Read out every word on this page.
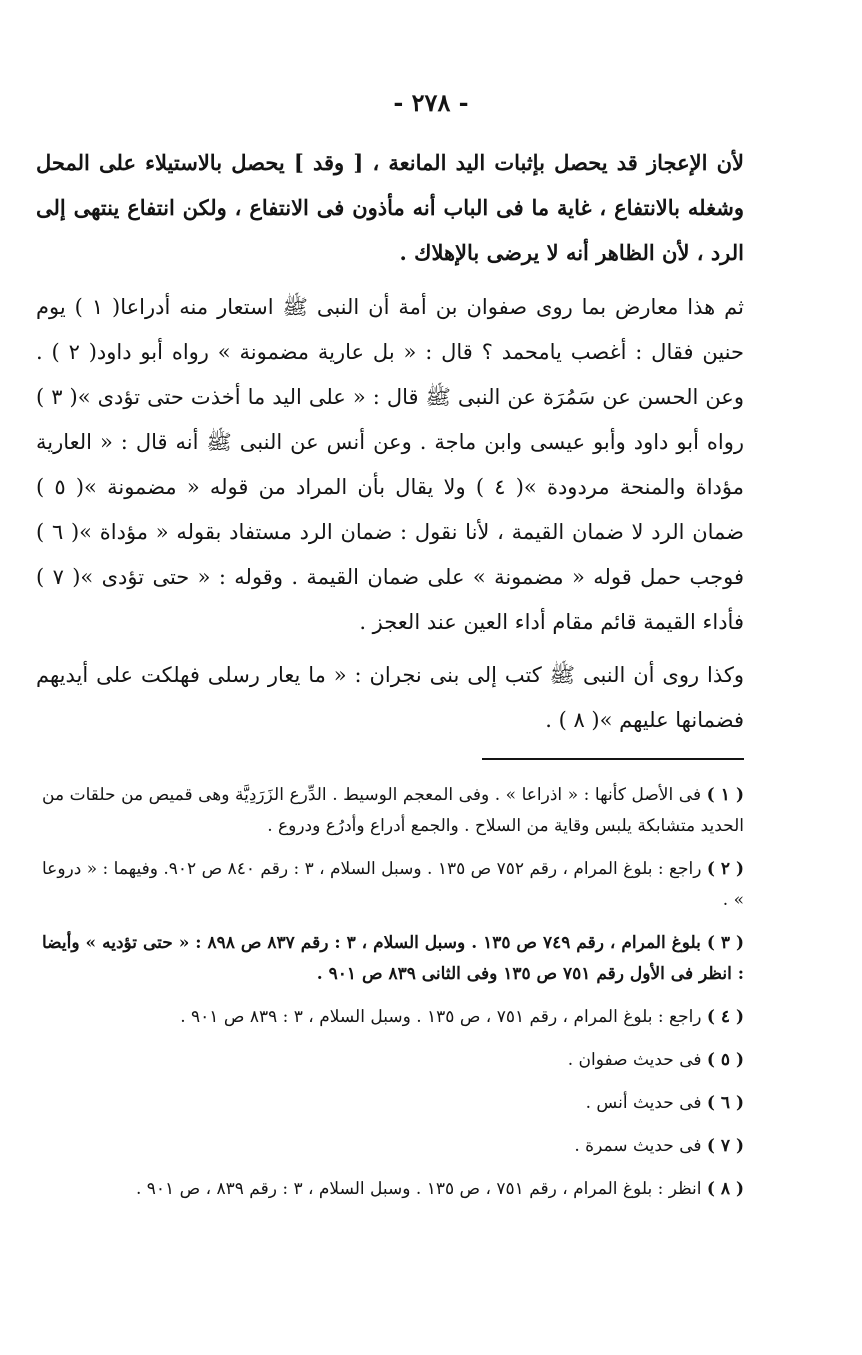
- ٢٧٨ -

لأن الإعجاز قد يحصل بإثبات اليد المانعة ، [ وقد ] يحصل بالاستيلاء على المحل وشغله بالانتفاع ، غاية ما فى الباب أنه مأذون فى الانتفاع ، ولكن انتفاع ينتهى إلى الرد ، لأن الظاهر أنه لا يرضى بالإهلاك .

ثم هذا معارض بما روى صفوان بن أمة أن النبى ﷺ استعار منه أدراعا( ١ ) يوم حنين فقال : أغصب يامحمد ؟ قال : « بل عارية مضمونة » رواه أبو داود( ٢ ) . وعن الحسن عن سَمُرَة عن النبى ﷺ قال : « على اليد ما أخذت حتى تؤدى »( ٣ ) رواه أبو داود وأبو عيسى وابن ماجة . وعن أنس عن النبى ﷺ أنه قال : « العارية مؤداة والمنحة مردودة »( ٤ ) ولا يقال بأن المراد من قوله « مضمونة »( ٥ ) ضمان الرد لا ضمان القيمة ، لأنا نقول : ضمان الرد مستفاد بقوله « مؤداة »( ٦ ) فوجب حمل قوله « مضمونة » على ضمان القيمة . وقوله : « حتى تؤدى »( ٧ ) فأداء القيمة قائم مقام أداء العين عند العجز .

وكذا روى أن النبى ﷺ كتب إلى بنى نجران : « ما يعار رسلى فهلكت على أيديهم فضمانها عليهم »( ٨ ) .

( ١ ) فى الأصل كأنها : « اذراعا » . وفى المعجم الوسيط . الدِّرع الزَرَدِيَّة وهى قميص من حلقات من الحديد متشابكة يلبس وقاية من السلاح . والجمع أدراع وأدرُع ودروع .

( ٢ ) راجع : بلوغ المرام ، رقم ٧٥٢ ص ١٣٥ . وسبل السلام ، ٣ : رقم ٨٤٠ ص ٩٠٢. وفيهما : « دروعا » .

( ٣ ) بلوغ المرام ، رقم ٧٤٩ ص ١٣٥ . وسبل السلام ، ٣ : رقم ٨٣٧ ص ٨٩٨ : « حتى تؤديه » وأيضا : انظر فى الأول رقم ٧٥١ ص ١٣٥ وفى الثانى ٨٣٩ ص ٩٠١ .

( ٤ ) راجع : بلوغ المرام ، رقم ٧٥١ ، ص ١٣٥ . وسبل السلام ، ٣ : ٨٣٩ ص ٩٠١ .

( ٥ ) فى حديث صفوان .

( ٦ ) فى حديث أنس .

( ٧ ) فى حديث سمرة .

( ٨ ) انظر : بلوغ المرام ، رقم ٧٥١ ، ص ١٣٥ . وسبل السلام ، ٣ : رقم ٨٣٩ ، ص ٩٠١ .
